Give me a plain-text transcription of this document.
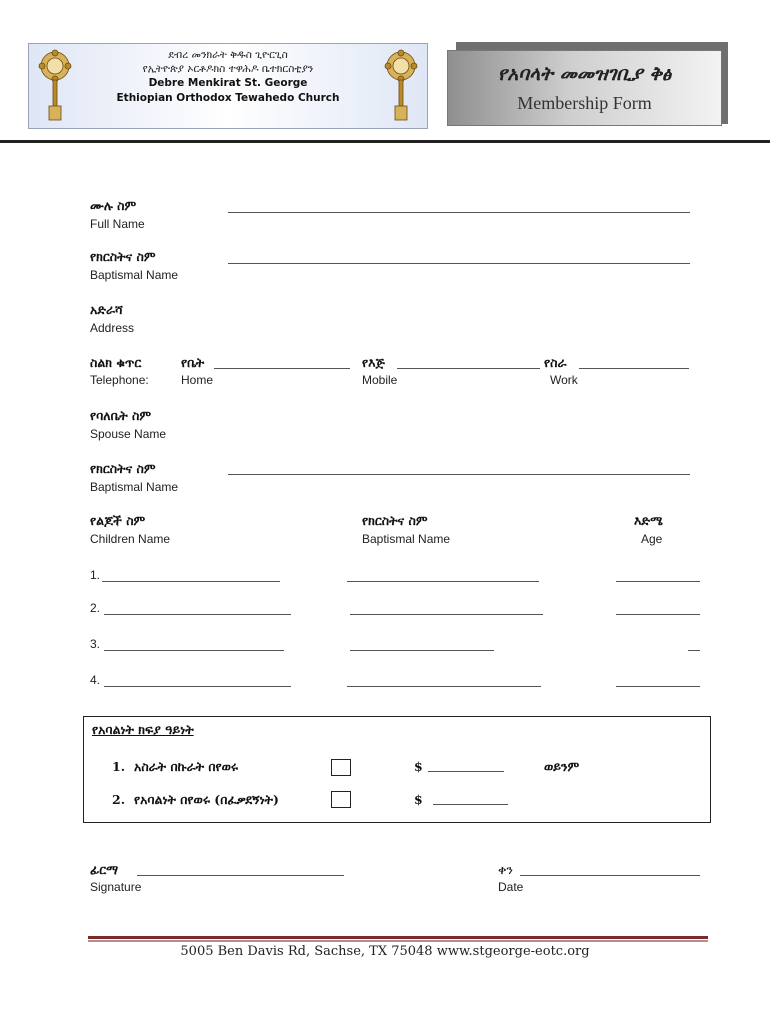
ደብረ መንክራት ቅዱስ ጊዮርጊስ
የኢትዮጵያ ኦርቶዶክስ ተዋሕዶ ቤተክርስቲያን
Debre Menkirat St. George
Ethiopian Orthodox Tewahedo Church
የአባላት መመዝገቢያ ቅፅ
Membership Form
ሙሉ ስም
Full Name
የክርስትና ስም
Baptismal Name
አድራሻ
Address
ስልክ ቁጥር
Telephone:
የቤት
Home
የእጅ
Mobile
የስራ
Work
የባለቤት ስም
Spouse Name
የክርስትና ስም
Baptismal Name
የልጆች ስም
Children Name
የክርስትና ስም
Baptismal Name
እድሜ
Age
1.
2.
3.
4.
የአባልነት ክፍያ ዓይነት
1. አስራት በኩራት በየወሩ	$	ወይንም
2. የአባልነት በየወሩ (በፈቃደኝነት)	$
ፊርማ
Signature
ቀን
Date
5005 Ben Davis Rd, Sachse, TX 75048 www.stgeorge-eotc.org
